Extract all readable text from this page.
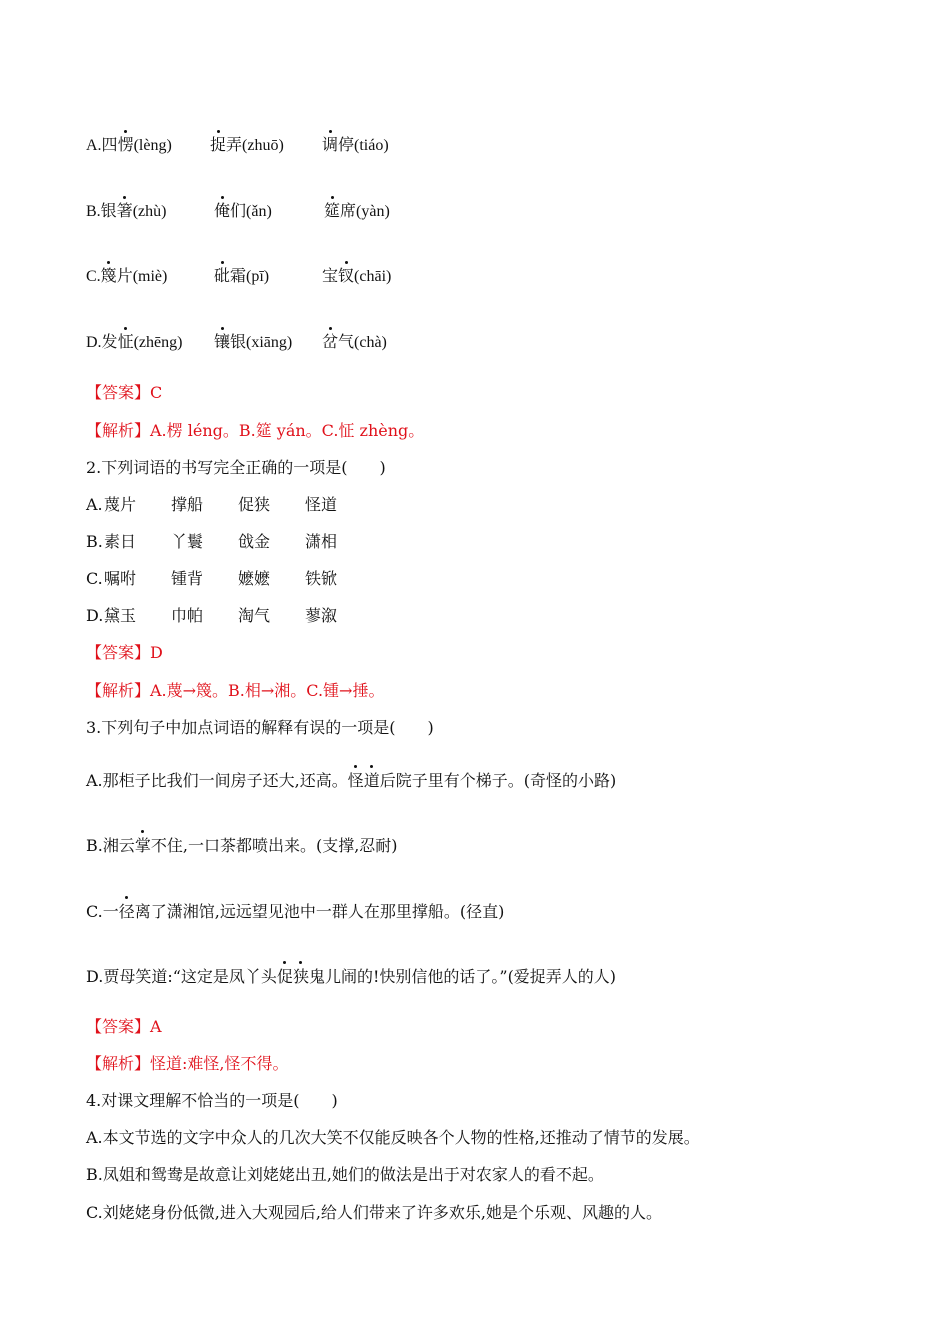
A.四愣(lèng) 捉弄(zhuō) 调停(tiáo)
B.银箸(zhù)	俺们(ǎn)	筵席(yàn)
C.篾片(miè)	砒霜(pī)	宝钗(chāi)
D.发怔(zhēng) 镶银(xiāng) 岔气(chà)
【答案】C
【解析】A.楞 léng。B.筵 yán。C.怔 zhèng。
2.下列词语的书写完全正确的一项是(　　)
A. 蔑片 撑船 促狭 怪道
B. 素日 丫鬟 戗金 潇相
C. 嘱咐 锺背 嬷嬷 铁锨
D. 黛玉 巾帕 淘气 蓼溆
【答案】D
【解析】A.蔑→篾。B.相→湘。C.锺→捶。
3.下列句子中加点词语的解释有误的一项是(　　)
A.那柜子比我们一间房子还大,还高。怪道后院子里有个梯子。(奇怪的小路)
B.湘云掌不住,一口茶都喷出来。(支撑,忍耐)
C.一径离了潇湘馆,远远望见池中一群人在那里撑船。(径直)
D.贾母笑道:“这定是凤丫头促狭鬼儿闹的!快别信他的话了。”(爱捉弄人的人)
【答案】A
【解析】怪道:难怪,怪不得。
4.对课文理解不恰当的一项是(　　)
A.本文节选的文字中众人的几次大笑不仅能反映各个人物的性格,还推动了情节的发展。
B.凤姐和鸳鸯是故意让刘姥姥出丑,她们的做法是出于对农家人的看不起。
C.刘姥姥身份低微,进入大观园后,给人们带来了许多欢乐,她是个乐观、风趣的人。
